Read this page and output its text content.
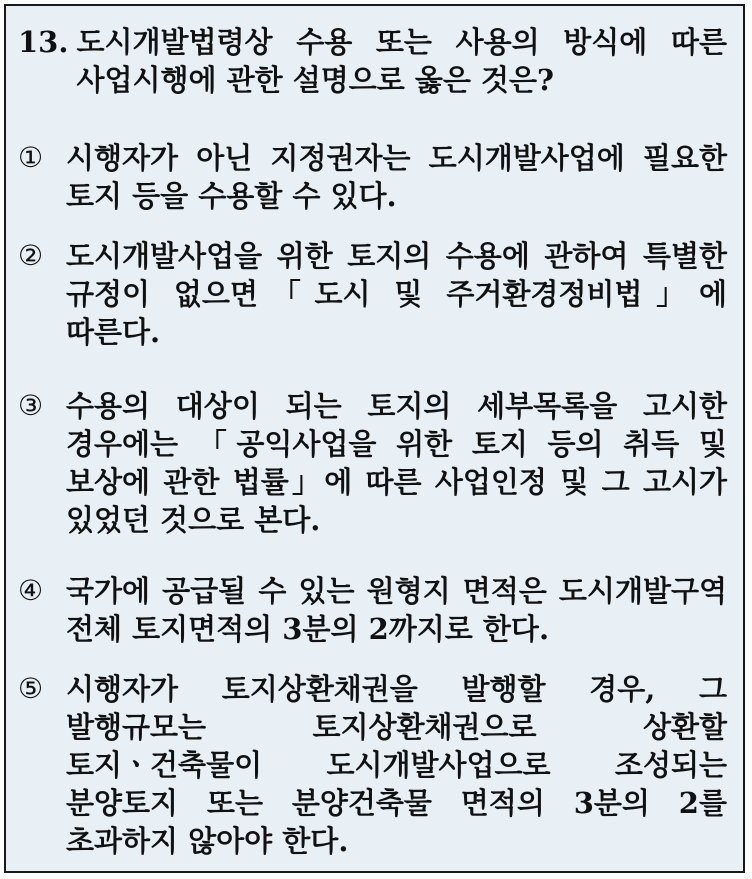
13. 도시개발법령상 수용 또는 사용의 방식에 따른 사업시행에 관한 설명으로 옳은 것은?

① 시행자가 아닌 지정권자는 도시개발사업에 필요한 토지 등을 수용할 수 있다.

② 도시개발사업을 위한 토지의 수용에 관하여 특별한 규정이 없으면「도시 및 주거환경정비법」에 따른다.

③ 수용의 대상이 되는 토지의 세부목록을 고시한 경우에는 「공익사업을 위한 토지 등의 취득 및 보상에 관한 법률」에 따른 사업인정 및 그 고시가 있었던 것으로 본다.

④ 국가에 공급될 수 있는 원형지 면적은 도시개발구역 전체 토지면적의 3분의 2까지로 한다.

⑤ 시행자가 토지상환채권을 발행할 경우, 그 발행규모는 토지상환채권으로 상환할 토지ㆍ건축물이 도시개발사업으로 조성되는 분양토지 또는 분양건축물 면적의 3분의 2를 초과하지 않아야 한다.
